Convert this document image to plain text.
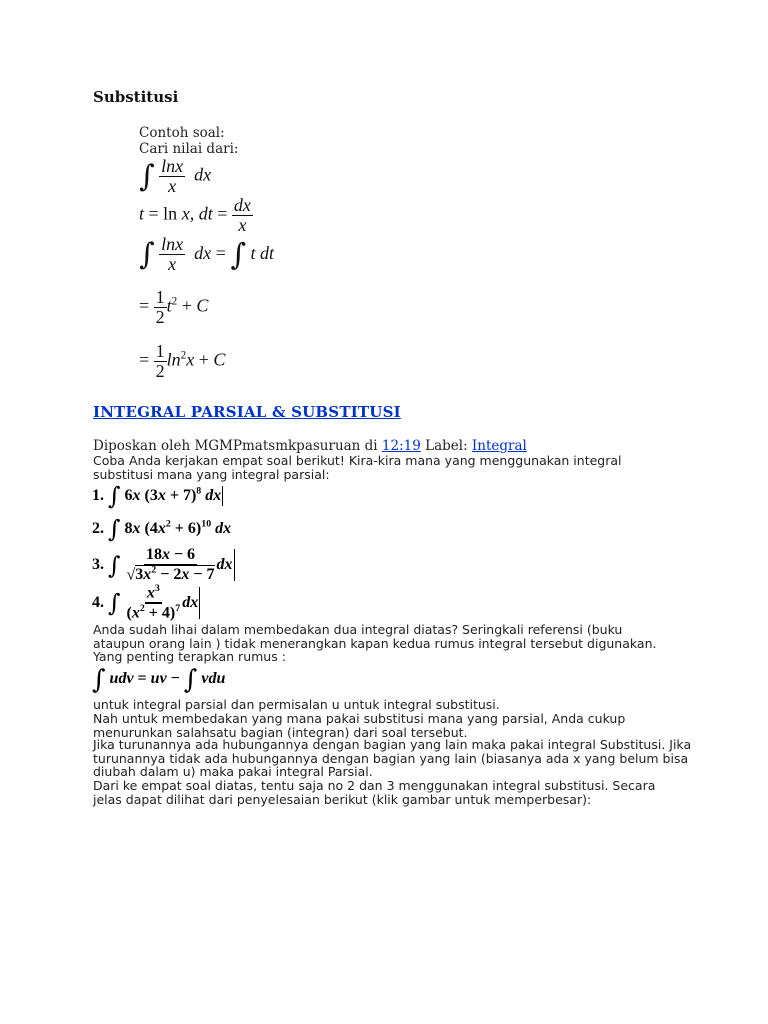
Substitusi
Contoh soal:
Cari nilai dari:
∫ $\frac{\ln x}{x}$ dx
t = ln x, dt = $\frac{dx}{x}$
∫ $\frac{\ln x}{x}$ dx = ∫ t dt
= $\frac{1}{2} t^2 + C$
= $\frac{1}{2} \ln^2x + C$
INTEGRAL PARSIAL & SUBSTITUSI
Diposkan oleh MGMPmatsmkpasuruan di 12:19 Label: Integral
Coba Anda kerjakan empat soal berikut! Kira-kira mana yang menggunakan integral substitusi mana yang integral parsial:
1. ∫ 6x $(3x + 7)^8$ dx
2. ∫ 8x $(4x^2 + 6)^{10}$ dx
3. ∫ $\frac{18x - 6}{√3x^2 - 2x - 7}$ dx
4. ∫ $\frac{x^3}{(x^2 + 4)^7}$ dx
Anda sudah lihai dalam membedakan dua integral diatas? Seringkali referensi (buku ataupun orang lain ) tidak menerangkan kapan kedua rumus integral tersebut digunakan. Yang penting terapkan rumus :
∫ udv = uv − ∫ vdu
untuk integral parsial dan permisalan u untuk integral substitusi.
Nah untuk membedakan yang mana pakai substitusi mana yang parsial, Anda cukup menurunkan salahsatu bagian (integran) dari soal tersebut.
Jika turunannya ada hubungannya dengan bagian yang lain maka pakai integral Substitusi. Jika turunannya tidak ada hubungannya dengan bagian yang lain (biasanya ada x yang belum bisa diubah dalam u) maka pakai integral Parsial.
Dari ke empat soal diatas, tentu saja no 2 dan 3 menggunakan integral substitusi. Secara jelas dapat dilihat dari penyelesaian berikut (klik gambar untuk memperbesar):
